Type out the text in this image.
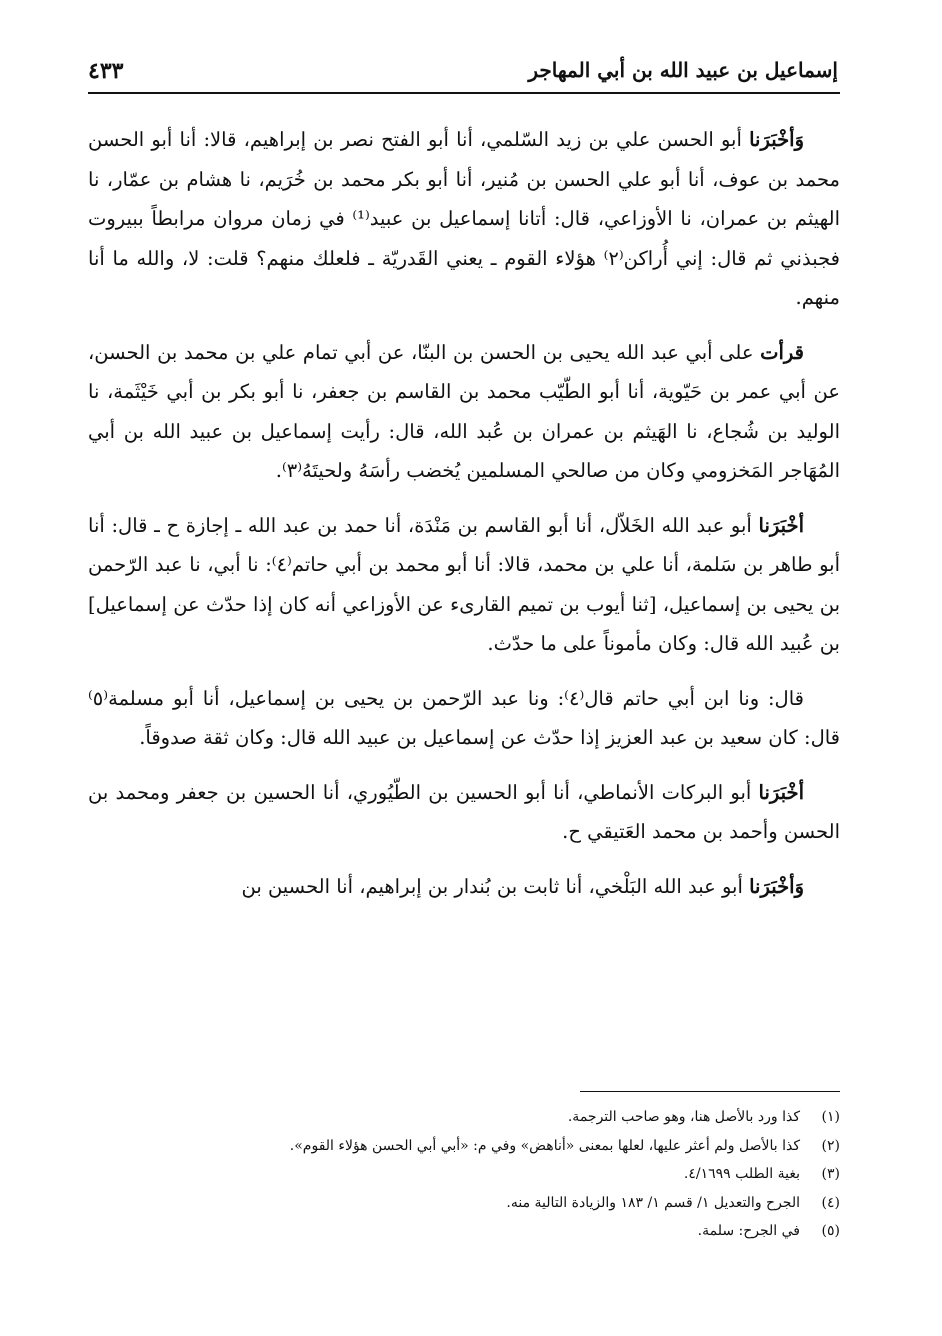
إسماعيل بن عبيد الله بن أبي المهاجر
٤٣٣

وَأخْبَرَنا أبو الحسن علي بن زيد السّلمي، أنا أبو الفتح نصر بن إبراهيم، قالا: أنا أبو الحسن محمد بن عوف، أنا أبو علي الحسن بن مُنير، أنا أبو بكر محمد بن خُرَيم، نا هشام بن عمّار، نا الهيثم بن عمران، نا الأوزاعي، قال: أتانا إسماعيل بن عبيد⁽¹⁾ في زمان مروان مرابطاً ببيروت فجبذني ثم قال: إني أُراكن⁽٢⁾ هؤلاء القوم ـ يعني القَدريّة ـ فلعلك منهم؟ قلت: لا، والله ما أنا منهم.

قرأت على أبي عبد الله يحيى بن الحسن بن البنّا، عن أبي تمام علي بن محمد بن الحسن، عن أبي عمر بن حَيّوية، أنا أبو الطّيّب محمد بن القاسم بن جعفر، نا أبو بكر بن أبي خَيْثَمة، نا الوليد بن شُجاع، نا الهَيثم بن عمران بن عُبد الله، قال: رأيت إسماعيل بن عبيد الله بن أبي المُهَاجر المَخزومي وكان من صالحي المسلمين يُخضب رأسَهُ ولحيتَهُ⁽٣⁾.

أخْبَرَنا أبو عبد الله الخَلاّل، أنا أبو القاسم بن مَنْدَة، أنا حمد بن عبد الله ـ إجازة ح ـ قال: أنا أبو طاهر بن سَلمة، أنا علي بن محمد، قالا: أنا أبو محمد بن أبي حاتم⁽٤⁾: نا أبي، نا عبد الرّحمن بن يحيى بن إسماعيل، [ثنا أيوب بن تميم القارىء عن الأوزاعي أنه كان إذا حدّث عن إسماعيل] بن عُبيد الله قال: وكان مأموناً على ما حدّث.

قال: ونا ابن أبي حاتم قال⁽٤⁾: ونا عبد الرّحمن بن يحيى بن إسماعيل، أنا أبو مسلمة⁽٥⁾ قال: كان سعيد بن عبد العزيز إذا حدّث عن إسماعيل بن عبيد الله قال: وكان ثقة صدوقاً.

أخْبَرَنا أبو البركات الأنماطي، أنا أبو الحسين بن الطّيُوري، أنا الحسين بن جعفر ومحمد بن الحسن وأحمد بن محمد العَتيقي ح.

وَأخْبَرَنا أبو عبد الله البَلْخي، أنا ثابت بن بُندار بن إبراهيم، أنا الحسين بن

(١)كذا ورد بالأصل هنا، وهو صاحب الترجمة.
(٢)كذا بالأصل ولم أعثر عليها، لعلها بمعنى «أناهض» وفي م: «أبي أبي الحسن هؤلاء القوم».
(٣)بغية الطلب ٤/١٦٩٩.
(٤)الجرح والتعديل ١/ قسم ١/ ١٨٣ والزيادة التالية منه.
(٥)في الجرح: سلمة.
